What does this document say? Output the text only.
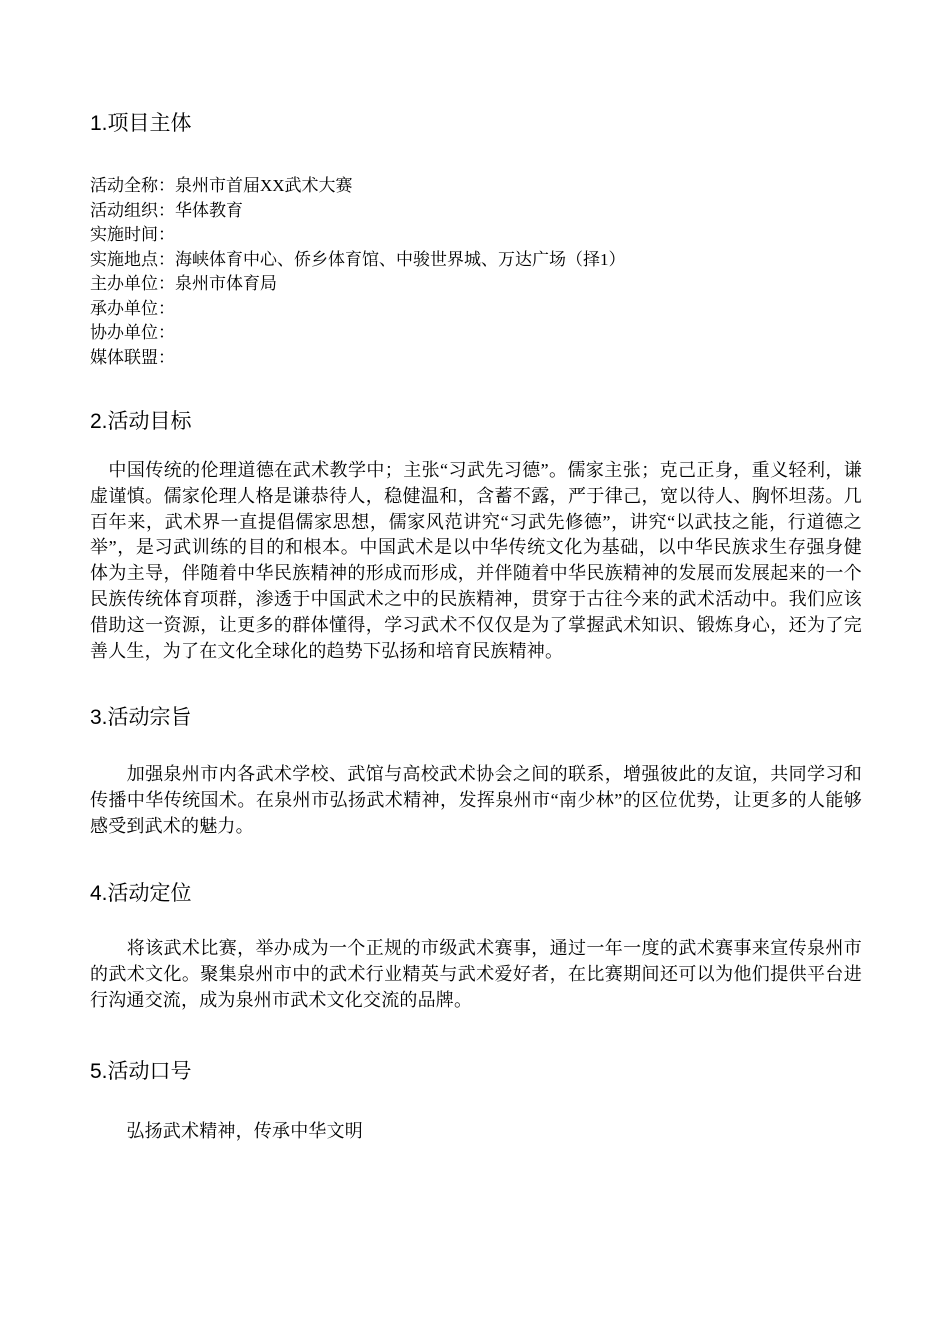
1.项目主体
活动全称：泉州市首届XX武术大赛
活动组织：华体教育
实施时间：
实施地点：海峡体育中心、侨乡体育馆、中骏世界城、万达广场（择1）
主办单位：泉州市体育局
承办单位：
协办单位：
媒体联盟：
2.活动目标

　中国传统的伦理道德在武术教学中；主张“习武先习德”。儒家主张；克己正身，重义轻利，谦虚谨慎。儒家伦理人格是谦恭待人，稳健温和，含蓄不露，严于律己，宽以待人、胸怀坦荡。几百年来，武术界一直提倡儒家思想，儒家风范讲究“习武先修德”，讲究“以武技之能，行道德之举”，是习武训练的目的和根本。中国武术是以中华传统文化为基础，以中华民族求生存强身健体为主导，伴随着中华民族精神的形成而形成，并伴随着中华民族精神的发展而发展起来的一个民族传统体育项群，渗透于中国武术之中的民族精神，贯穿于古往今来的武术活动中。我们应该借助这一资源，让更多的群体懂得，学习武术不仅仅是为了掌握武术知识、锻炼身心，还为了完善人生，为了在文化全球化的趋势下弘扬和培育民族精神。

3.活动宗旨

　　加强泉州市内各武术学校、武馆与高校武术协会之间的联系，增强彼此的友谊，共同学习和传播中华传统国术。在泉州市弘扬武术精神，发挥泉州市“南少林”的区位优势，让更多的人能够感受到武术的魅力。

4.活动定位

　　将该武术比赛，举办成为一个正规的市级武术赛事，通过一年一度的武术赛事来宣传泉州市的武术文化。聚集泉州市中的武术行业精英与武术爱好者，在比赛期间还可以为他们提供平台进行沟通交流，成为泉州市武术文化交流的品牌。

5.活动口号

　　弘扬武术精神，传承中华文明
